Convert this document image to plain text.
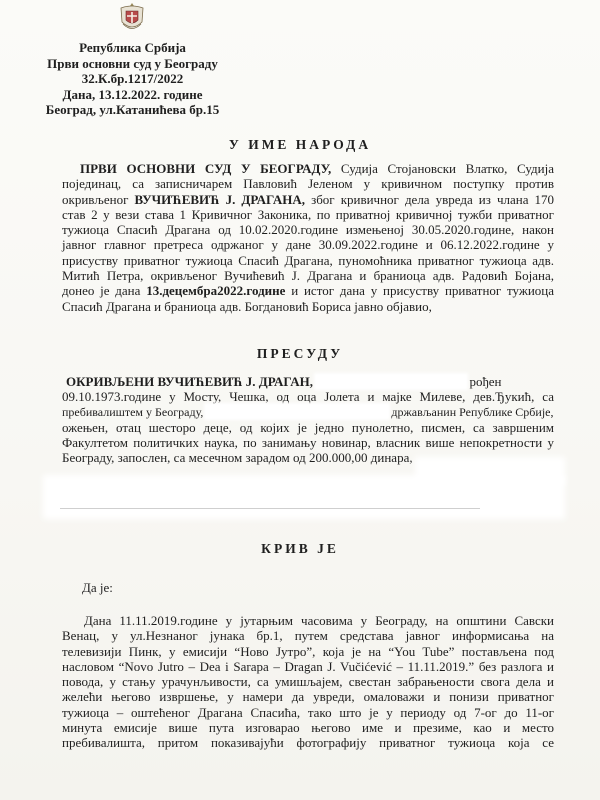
Република Србија
Први основни суд у Београду
32.К.бр.1217/2022
Дана, 13.12.2022. године
Београд, ул.Катанићева бр.15
У ИМЕ НАРОДА
ПРВИ ОСНОВНИ СУД У БЕОГРАДУ, Судија Стојановски Влатко, Судија
појединац, са записничарем Павловић Јеленом у кривичном поступку против
окривљеног ВУЧИЋЕВИЋ Ј. ДРАГАНА, због кривичног дела увреда из члана 170
став 2 у вези става 1 Кривичног Законика, по приватној кривичној тужби приватног
тужиоца Спасић Драгана од 10.02.2020.године измењеној 30.05.2020.године, након
јавног главног претреса одржаног у дане 30.09.2022.године и 06.12.2022.године у
присуству приватног тужиоца Спасић Драгана, пуномоћника приватног тужиоца адв.
Митић Петра, окривљеног Вучићевић Ј. Драгана и браниоца адв. Радовић Бојана,
донео је дана 13.децембра2022.године и истог дана у присуству приватног тужиоца
Спасић Драгана и браниоца адв. Богдановић Бориса јавно објавио,
ПРЕСУДУ
ОКРИВЉЕНИ ВУЧИЋЕВИЋ Ј. ДРАГАН,	рођен
09.10.1973.године у Мосту, Чешка, од оца Јолета и мајке Милеве, дев.Ђукић, са
пребивалиштем у Београду,	држављанин Републике Србије,
ожењен, отац шесторо деце, од којих је једно пунолетно, писмен, са завршеним
Факултетом политичких наука, по занимању новинар, власник више непокретности у
Београду, запослен, са месечном зарадом од 200.000,00 динара,
КРИВ ЈЕ
Да је:
Дана 11.11.2019.године у јутарњим часовима у Београду, на општини Савски
Венац, у ул.Незнаног јунака бр.1, путем средстава јавног информисања на
телевизији Пинк, у емисији “Ново Јутро”, која је на “You Tube” постављена под
насловом “Novo Jutro – Dea i Sarapa – Dragan J. Vučićević – 11.11.2019.” без разлога и
повода, у стању урачунљивости, са умишљајем, свестан забрањености свога дела и
желећи његово извршење, у намери да увреди, омаловажи и понизи приватног
тужиоца – оштећеног Драгана Спасића, тако што је у периоду од 7-ог до 11-ог
минута емисије више пута изговарао његово име и презиме, као и место
пребивалишта, притом показивајући фотографију приватног тужиоца која се
